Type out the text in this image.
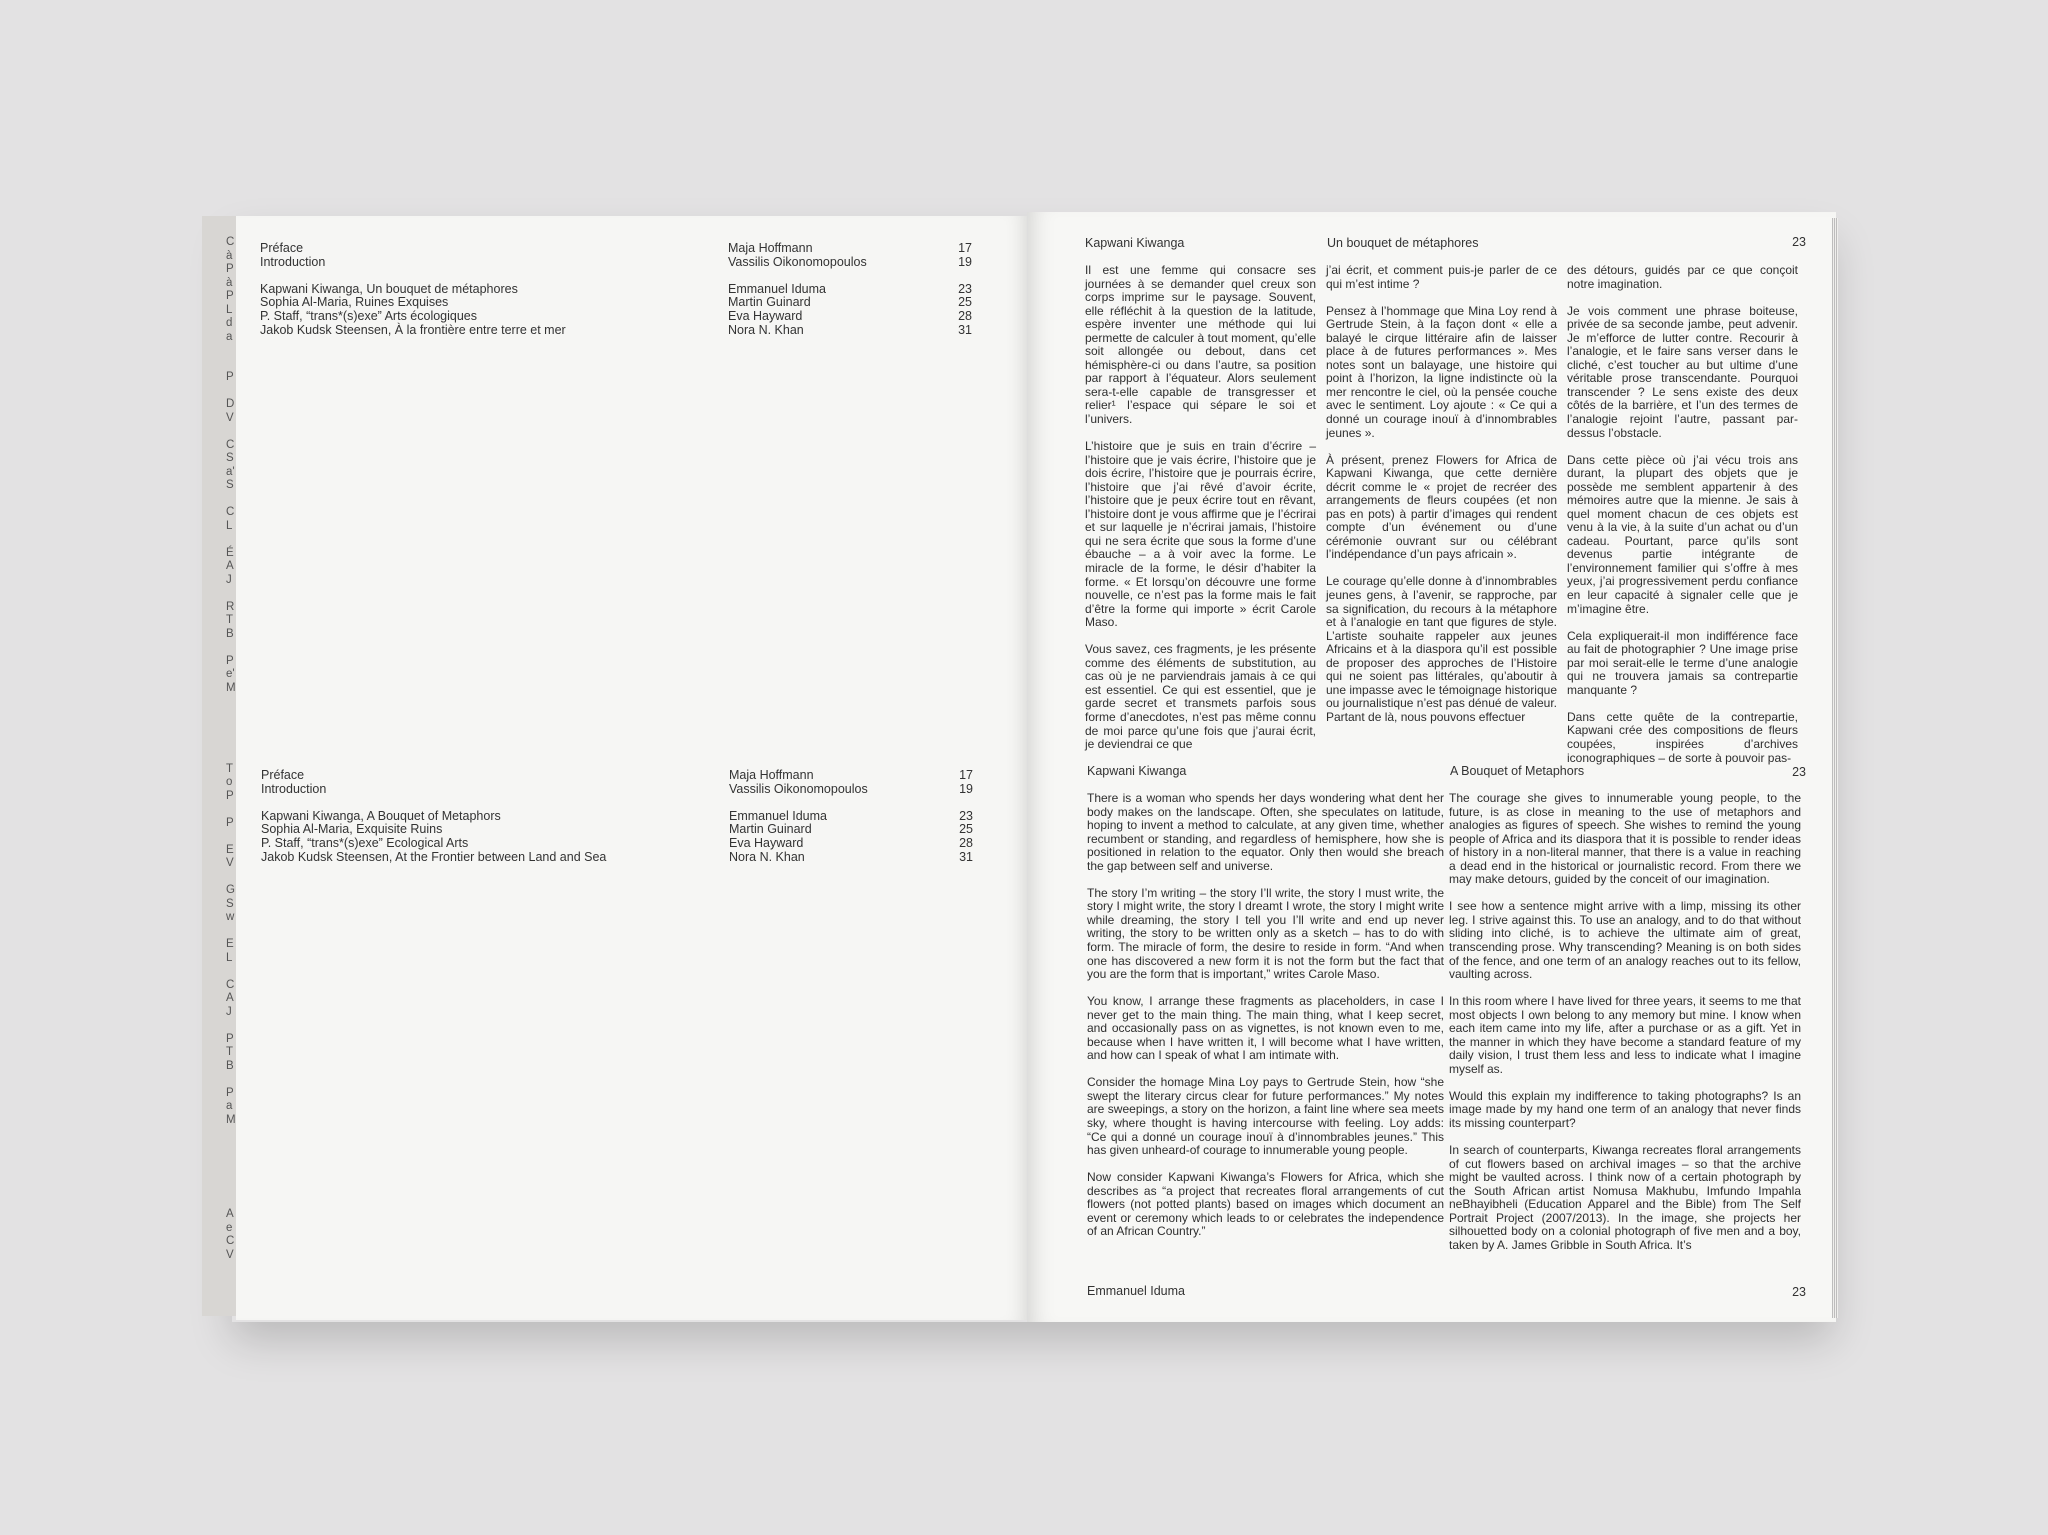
C
à
P
à
P
L
d
a
P
D
V
C
S
a'
S
C
L
É
A
J
R
T
B
P
e'
M
T
o
P
P
E
V
G
S
w
E
L
C
A
J
P
T
B
P
a
M
A
e
C
V
Préface	Maja Hoffmann	17
Introduction	Vassilis Oikonomopoulos	19
Kapwani Kiwanga, Un bouquet de métaphores	Emmanuel Iduma	23
Sophia Al-Maria, Ruines Exquises	Martin Guinard	25
P. Staff, “trans*(s)exe” Arts écologiques	Eva Hayward	28
Jakob Kudsk Steensen, À la frontière entre terre et mer	Nora N. Khan	31
Préface	Maja Hoffmann	17
Introduction	Vassilis Oikonomopoulos	19
Kapwani Kiwanga, A Bouquet of Metaphors	Emmanuel Iduma	23
Sophia Al-Maria, Exquisite Ruins	Martin Guinard	25
P. Staff, “trans*(s)exe” Ecological Arts	Eva Hayward	28
Jakob Kudsk Steensen, At the Frontier between Land and Sea	Nora N. Khan	31
Kapwani Kiwanga	Un bouquet de métaphores	23

Il est une femme qui consacre ses journées à se demander quel creux son corps imprime sur le paysage. Souvent, elle réfléchit à la question de la latitude, espère inventer une méthode qui lui permette de calculer à tout moment, qu’elle soit allongée ou debout, dans cet hémisphère-ci ou dans l’autre, sa position par rapport à l’équateur. Alors seulement sera-t-elle capable de transgresser et relier¹ l’espace qui sépare le soi et l’univers.

L’histoire que je suis en train d’écrire – l’histoire que je vais écrire, l’histoire que je dois écrire, l’histoire que je pourrais écrire, l’histoire que j’ai rêvé d’avoir écrite, l’histoire que je peux écrire tout en rêvant, l’histoire dont je vous affirme que je l’écrirai et sur laquelle je n’écrirai jamais, l’histoire qui ne sera écrite que sous la forme d’une ébauche – a à voir avec la forme. Le miracle de la forme, le désir d’habiter la forme. « Et lorsqu’on découvre une forme nouvelle, ce n’est pas la forme mais le fait d’être la forme qui importe » écrit Carole Maso.

Vous savez, ces fragments, je les présente comme des éléments de substitution, au cas où je ne parviendrais jamais à ce qui est essentiel. Ce qui est essentiel, que je garde secret et transmets parfois sous forme d’anecdotes, n’est pas même connu de moi parce qu’une fois que j’aurai écrit, je deviendrai ce que

j’ai écrit, et comment puis-je parler de ce qui m’est intime ?

Pensez à l’hommage que Mina Loy rend à Gertrude Stein, à la façon dont « elle a balayé le cirque littéraire afin de laisser place à de futures performances ». Mes notes sont un balayage, une histoire qui point à l’horizon, la ligne indistincte où la mer rencontre le ciel, où la pensée couche avec le sentiment. Loy ajoute : « Ce qui a donné un courage inouï à d’innombrables jeunes ».

À présent, prenez Flowers for Africa de Kapwani Kiwanga, que cette dernière décrit comme le « projet de recréer des arrangements de fleurs coupées (et non pas en pots) à partir d’images qui rendent compte d’un événement ou d’une cérémonie ouvrant sur ou célébrant l’indépendance d’un pays africain ».

Le courage qu’elle donne à d’innombrables jeunes gens, à l’avenir, se rapproche, par sa signification, du recours à la métaphore et à l’analogie en tant que figures de style. L’artiste souhaite rappeler aux jeunes Africains et à la diaspora qu’il est possible de proposer des approches de l’Histoire qui ne soient pas littérales, qu’aboutir à une impasse avec le témoignage historique ou journalistique n’est pas dénué de valeur. Partant de là, nous pouvons effectuer

des détours, guidés par ce que conçoit notre imagination.

Je vois comment une phrase boiteuse, privée de sa seconde jambe, peut advenir. Je m’efforce de lutter contre. Recourir à l’analogie, et le faire sans verser dans le cliché, c’est toucher au but ultime d’une véritable prose transcendante. Pourquoi transcender ? Le sens existe des deux côtés de la barrière, et l’un des termes de l’analogie rejoint l’autre, passant par-dessus l’obstacle.

Dans cette pièce où j’ai vécu trois ans durant, la plupart des objets que je possède me semblent appartenir à des mémoires autre que la mienne. Je sais à quel moment chacun de ces objets est venu à la vie, à la suite d’un achat ou d’un cadeau. Pourtant, parce qu’ils sont devenus partie intégrante de l’environnement familier qui s’offre à mes yeux, j’ai progressivement perdu confiance en leur capacité à signaler celle que je m’imagine être.

Cela expliquerait-il mon indifférence face au fait de photographier ? Une image prise par moi serait-elle le terme d’une analogie qui ne trouvera jamais sa contrepartie manquante ?

Dans cette quête de la contrepartie, Kapwani crée des compositions de fleurs coupées, inspirées d’archives iconographiques – de sorte à pouvoir pas-

Kapwani Kiwanga	A Bouquet of Metaphors	23

There is a woman who spends her days wondering what dent her body makes on the landscape. Often, she speculates on latitude, hoping to invent a method to calculate, at any given time, whether recumbent or standing, and regardless of hemisphere, how she is positioned in relation to the equator. Only then would she breach the gap between self and universe.

The story I’m writing – the story I’ll write, the story I must write, the story I might write, the story I dreamt I wrote, the story I might write while dreaming, the story I tell you I’ll write and end up never writing, the story to be written only as a sketch – has to do with form. The miracle of form, the desire to reside in form. “And when one has discovered a new form it is not the form but the fact that you are the form that is important,” writes Carole Maso.

You know, I arrange these fragments as placeholders, in case I never get to the main thing. The main thing, what I keep secret, and occasionally pass on as vignettes, is not known even to me, because when I have written it, I will become what I have written, and how can I speak of what I am intimate with.

Consider the homage Mina Loy pays to Gertrude Stein, how “she swept the literary circus clear for future performances.” My notes are sweepings, a story on the horizon, a faint line where sea meets sky, where thought is having intercourse with feeling. Loy adds: “Ce qui a donné un courage inouï à d’innombrables jeunes.” This has given unheard-of courage to innumerable young people.

Now consider Kapwani Kiwanga’s Flowers for Africa, which she describes as “a project that recreates floral arrangements of cut flowers (not potted plants) based on images which document an event or ceremony which leads to or celebrates the independence of an African Country.”

The courage she gives to innumerable young people, to the future, is as close in meaning to the use of metaphors and analogies as figures of speech. She wishes to remind the young people of Africa and its diaspora that it is possible to render ideas of history in a non-literal manner, that there is a value in reaching a dead end in the historical or journalistic record. From there we may make detours, guided by the conceit of our imagination.

I see how a sentence might arrive with a limp, missing its other leg. I strive against this. To use an analogy, and to do that without sliding into cliché, is to achieve the ultimate aim of great, transcending prose. Why transcending? Meaning is on both sides of the fence, and one term of an analogy reaches out to its fellow, vaulting across.

In this room where I have lived for three years, it seems to me that most objects I own belong to any memory but mine. I know when each item came into my life, after a purchase or as a gift. Yet in the manner in which they have become a standard feature of my daily vision, I trust them less and less to indicate what I imagine myself as.

Would this explain my indifference to taking photographs? Is an image made by my hand one term of an analogy that never finds its missing counterpart?

In search of counterparts, Kiwanga recreates floral arrangements of cut flowers based on archival images – so that the archive might be vaulted across. I think now of a certain photograph by the South African artist Nomusa Makhubu, Imfundo Impahla neBhayibheli (Education Apparel and the Bible) from The Self Portrait Project (2007/2013). In the image, she projects her silhouetted body on a colonial photograph of five men and a boy, taken by A. James Gribble in South Africa. It’s

Emmanuel Iduma	23
